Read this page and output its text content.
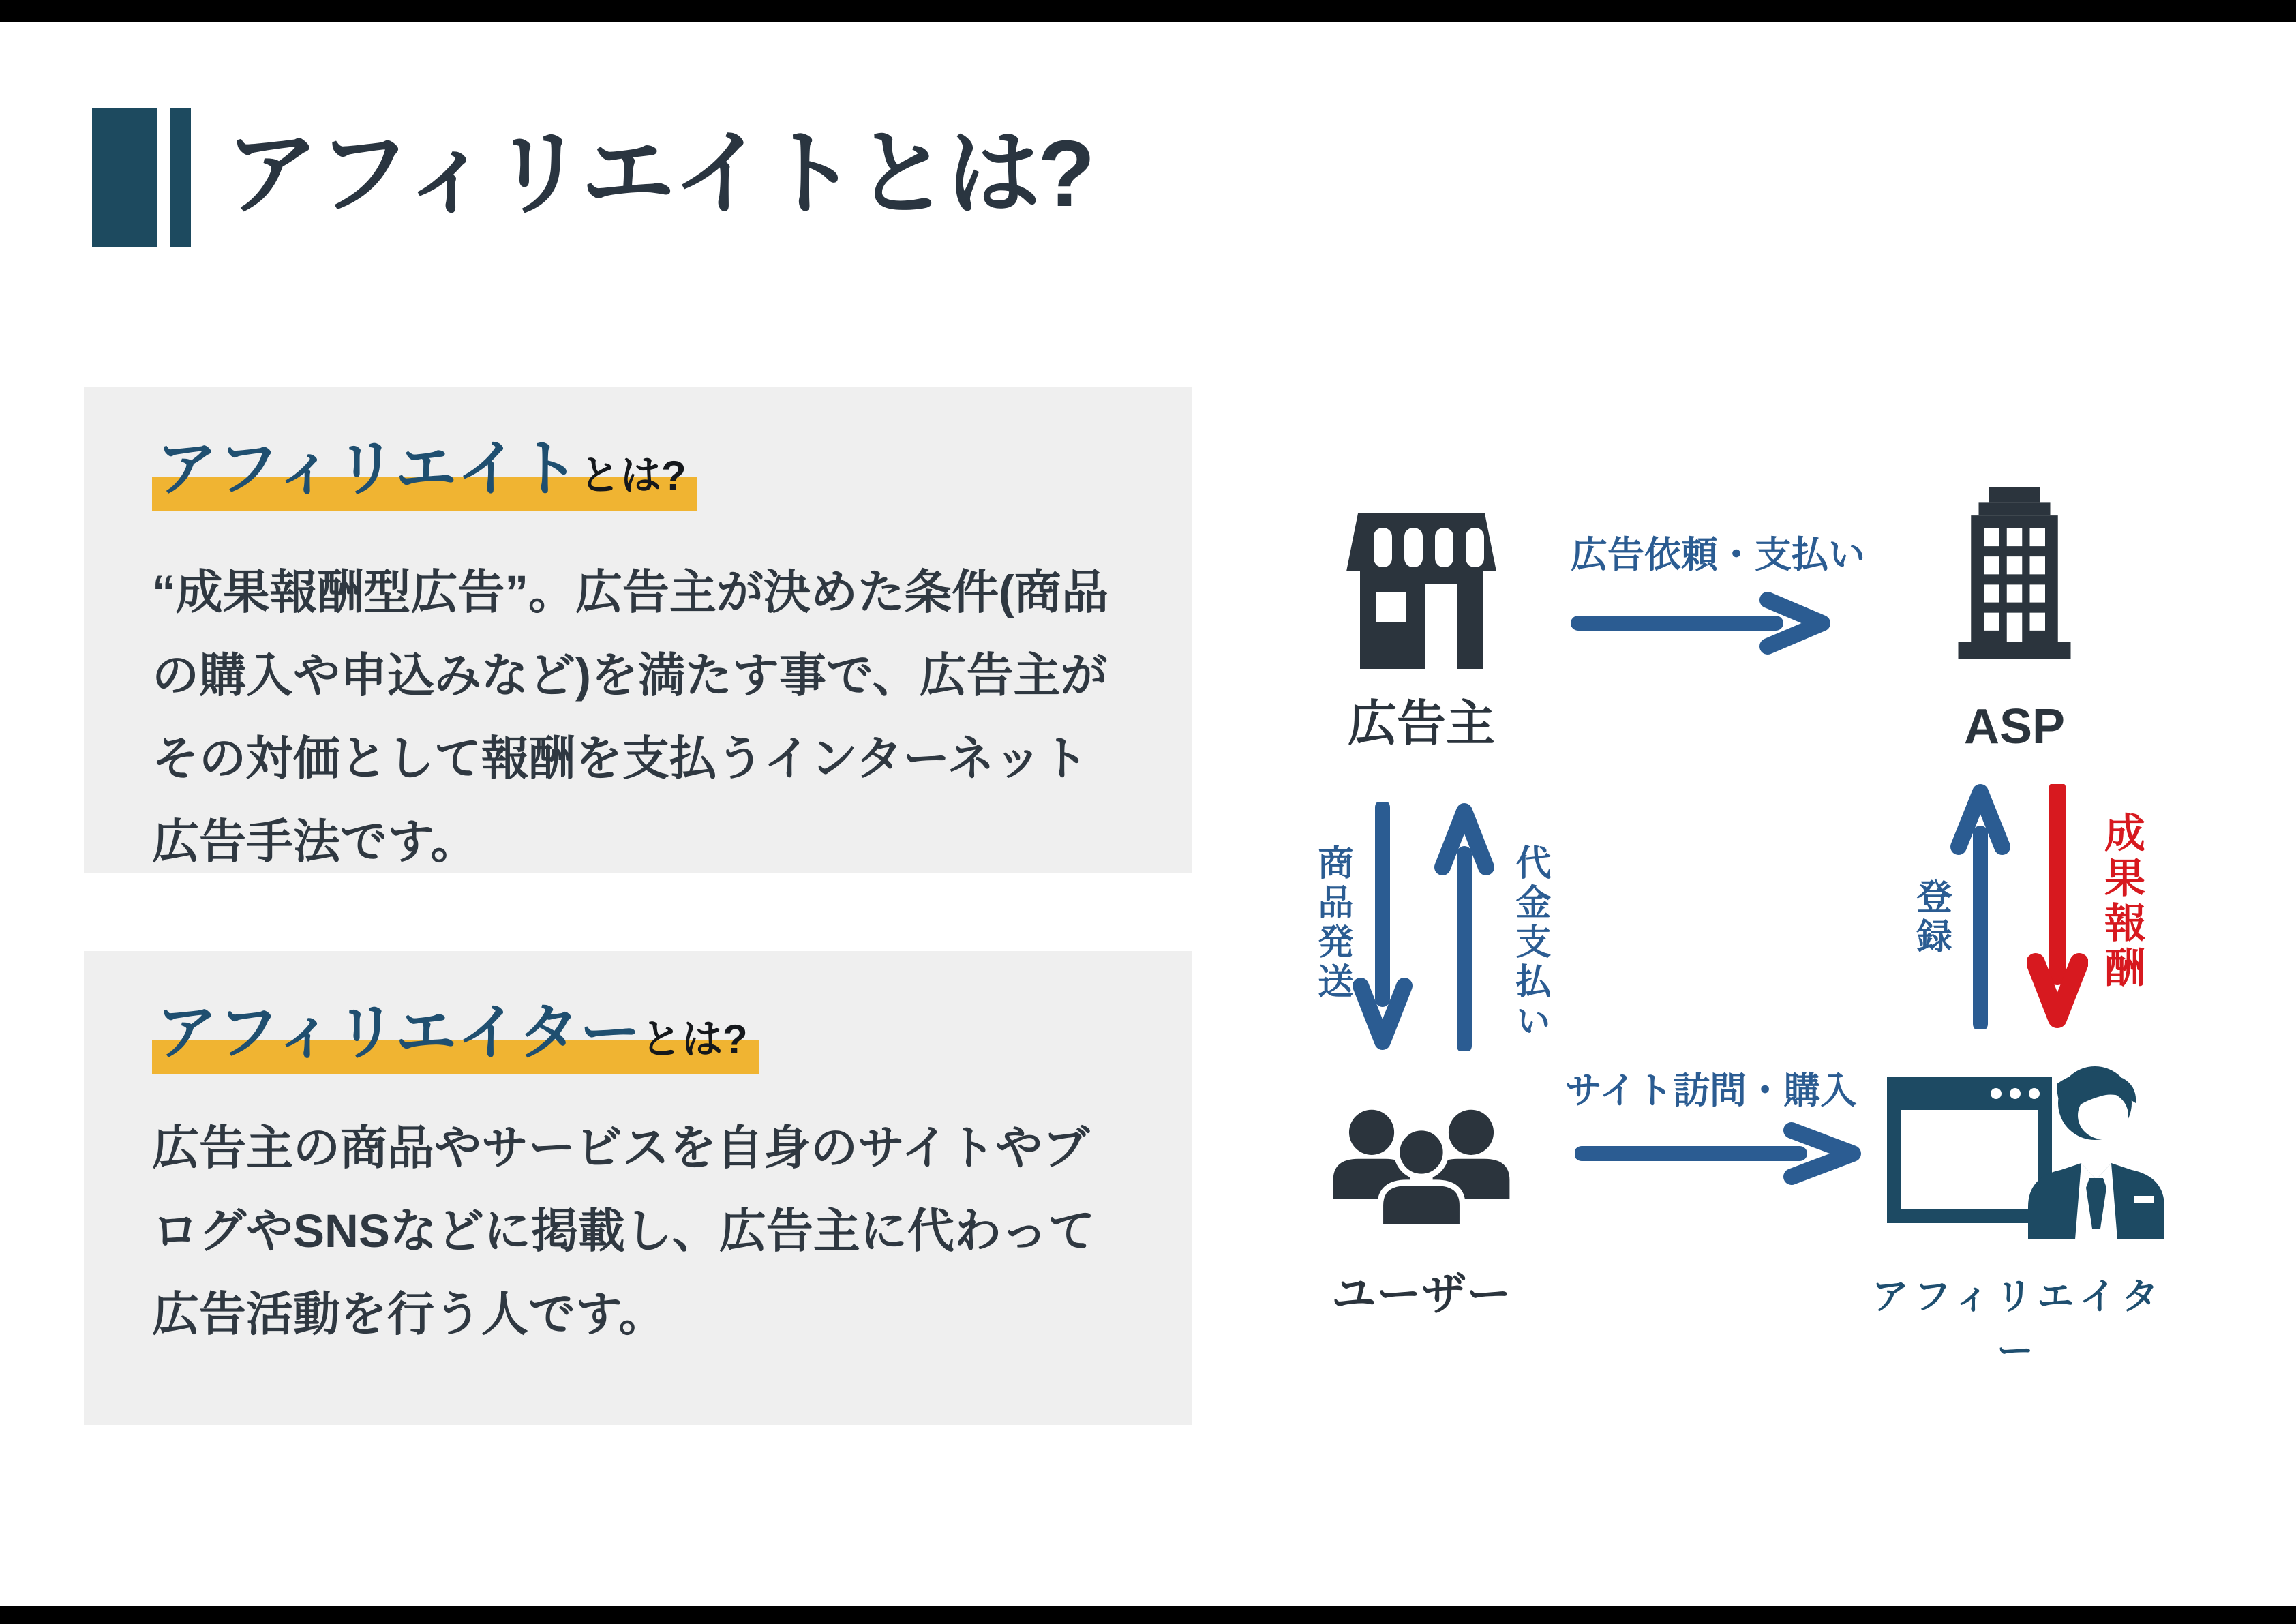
アフィリエイトとは?
アフィリエイトとは?
“成果報酬型広告”。広告主が決めた条件(商品
の購入や申込みなど)を満たす事で、広告主が
その対価として報酬を支払うインターネット
広告手法です。
アフィリエイターとは?
広告主の商品やサービスを自身のサイトやブ
ログやSNSなどに掲載し、広告主に代わって
広告活動を行う人です。
広告主	ASP
ユーザー	アフィリエイター
広告依頼・支払い
商品発送	代金支払い	登録	成果報酬
サイト訪問・購入
